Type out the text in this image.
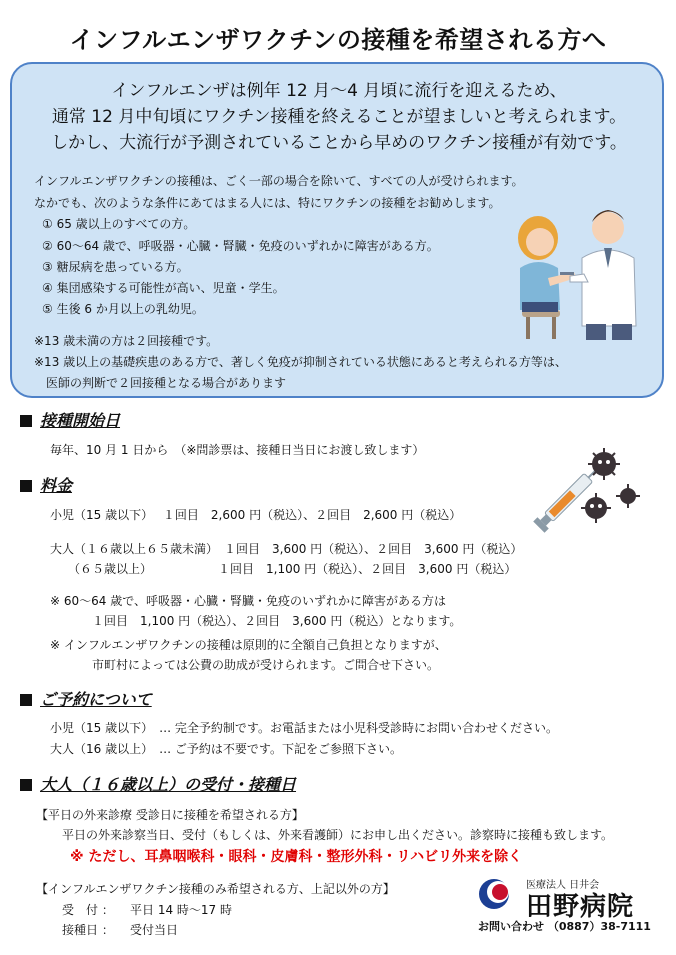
インフルエンザワクチンの接種を希望される方へ
インフルエンザは例年 12 月～4 月頃に流行を迎えるため、
通常 12 月中旬頃にワクチン接種を終えることが望ましいと考えられます。
しかし、大流行が予測されていることから早めのワクチン接種が有効です。
インフルエンザワクチンの接種は、ごく一部の場合を除いて、すべての人が受けられます。
なかでも、次のような条件にあてはまる人には、特にワクチンの接種をお勧めします。
① 65 歳以上のすべての方。
② 60～64 歳で、呼吸器・心臓・腎臓・免疫のいずれかに障害がある方。
③ 糖尿病を患っている方。
④ 集団感染する可能性が高い、児童・学生。
⑤ 生後 6 か月以上の乳幼児。
※13 歳未満の方は２回接種です。
※13 歳以上の基礎疾患のある方で、著しく免疫が抑制されている状態にあると考えられる方等は、
　医師の判断で２回接種となる場合があります
接種開始日
毎年、10 月 1 日から　（※問診票は、接種日当日にお渡し致します）
料金
小児（15 歳以下）　 １回目　2,600 円（税込）、２回目　2,600 円（税込）
大人（１６歳以上６５歳未満）　１回目　3,600 円（税込）、２回目　3,600 円（税込）
　　（６５歳以上）　　　　　　１回目　1,100 円（税込）、２回目　3,600 円（税込）
※ 60～64 歳で、呼吸器・心臓・腎臓・免疫のいずれかに障害がある方は
１回目　1,100 円（税込）、２回目　3,600 円（税込）となります。
※ インフルエンザワクチンの接種は原則的に全額自己負担となりますが、
市町村によっては公費の助成が受けられます。ご問合せ下さい。
ご予約について
小児（15 歳以下）　… 完全予約制です。お電話または小児科受診時にお問い合わせください。
大人（16 歳以上）　… ご予約は不要です。下記をご参照下さい。
大人（１６歳以上）の受付・接種日
【平日の外来診療 受診日に接種を希望される方】
平日の外来診察当日、受付（もしくは、外来看護師）にお申し出ください。診察時に接種も致します。
※ ただし、耳鼻咽喉科・眼科・皮膚科・整形外科・リハビリ外来を除く
【インフルエンザワクチン接種のみ希望される方、上記以外の方】
受　付 ： 平日 14 時～17 時
接種日 ： 受付当日
医療法人 日井会
田野病院
お問い合わせ （0887）38-7111
